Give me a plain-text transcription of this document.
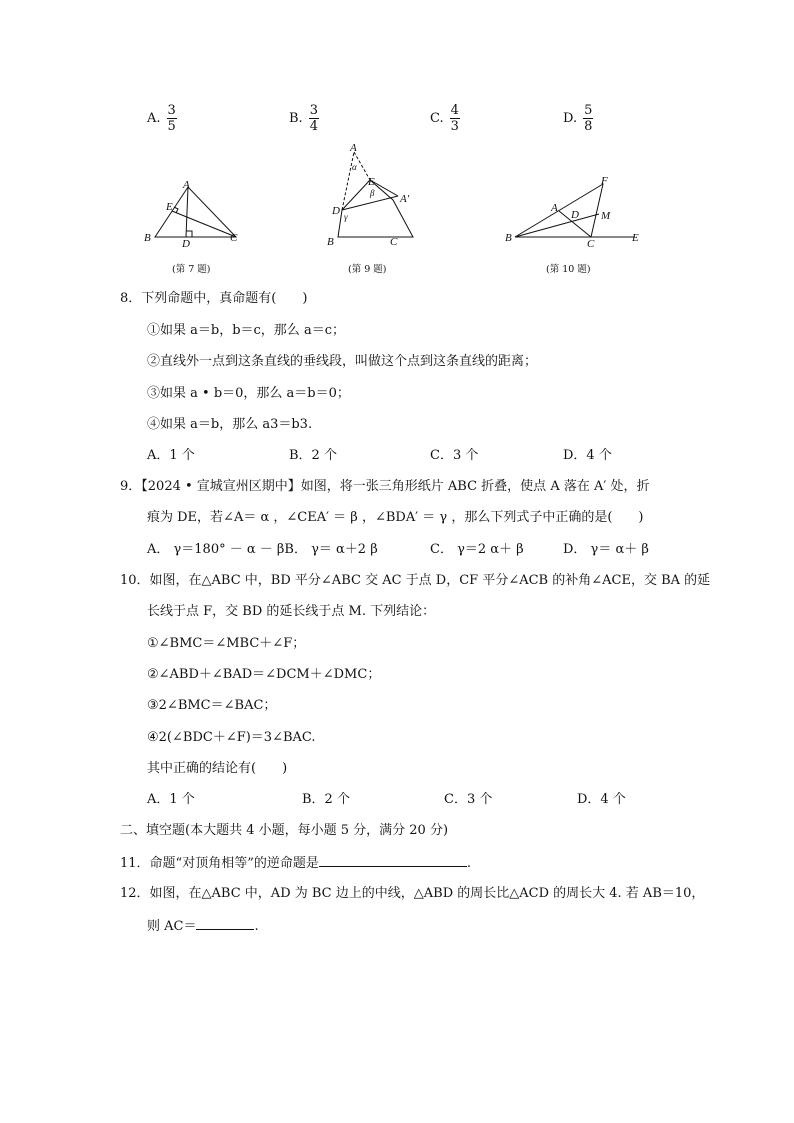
A. $\frac{3}{5}$	B. $\frac{3}{4}$	C. $\frac{4}{3}$	D. $\frac{5}{8}$
A
B	C
D
E
(第 7 题)
A
E
D
B	C
A′
α
β
γ
(第 9 题)
F
A
D M
B	C	E
(第 10 题)
8．下列命题中，真命题有(　　)
①如果 a＝b，b＝c，那么 a＝c；
②直线外一点到这条直线的垂线段，叫做这个点到这条直线的距离；
③如果 a • b＝0，那么 a＝b＝0；
④如果 a＝b，那么 a3＝b3.
A．1 个	B．2 个	C．3 个	D．4 个
9．【2024 • 宣城宣州区期中】如图，将一张三角形纸片 ABC 折叠，使点 A 落在 A′ 处，折
痕为 DE，若∠A＝ α ，∠CEA′ ＝ β ，∠BDA′ ＝ γ ，那么下列式子中正确的是(　　)
A． γ＝180° － α － βB． γ＝ α＋2 β	C． γ＝2 α＋ β	D． γ＝ α＋ β
10．如图，在△ABC 中，BD 平分∠ABC 交 AC 于点 D，CF 平分∠ACB 的补角∠ACE，交 BA 的延
长线于点 F，交 BD 的延长线于点 M. 下列结论：
①∠BMC＝∠MBC＋∠F；
②∠ABD＋∠BAD＝∠DCM＋∠DMC；
③2∠BMC＝∠BAC；
④2(∠BDC＋∠F)＝3∠BAC.
其中正确的结论有(　　)
A．1 个	B．2 个	C．3 个	D．4 个
二、填空题(本大题共 4 小题，每小题 5 分，满分 20 分)
11．命题“对顶角相等”的逆命题是	.
12．如图，在△ABC 中，AD 为 BC 边上的中线，△ABD 的周长比△ACD 的周长大 4. 若 AB＝10，
则 AC＝	.
